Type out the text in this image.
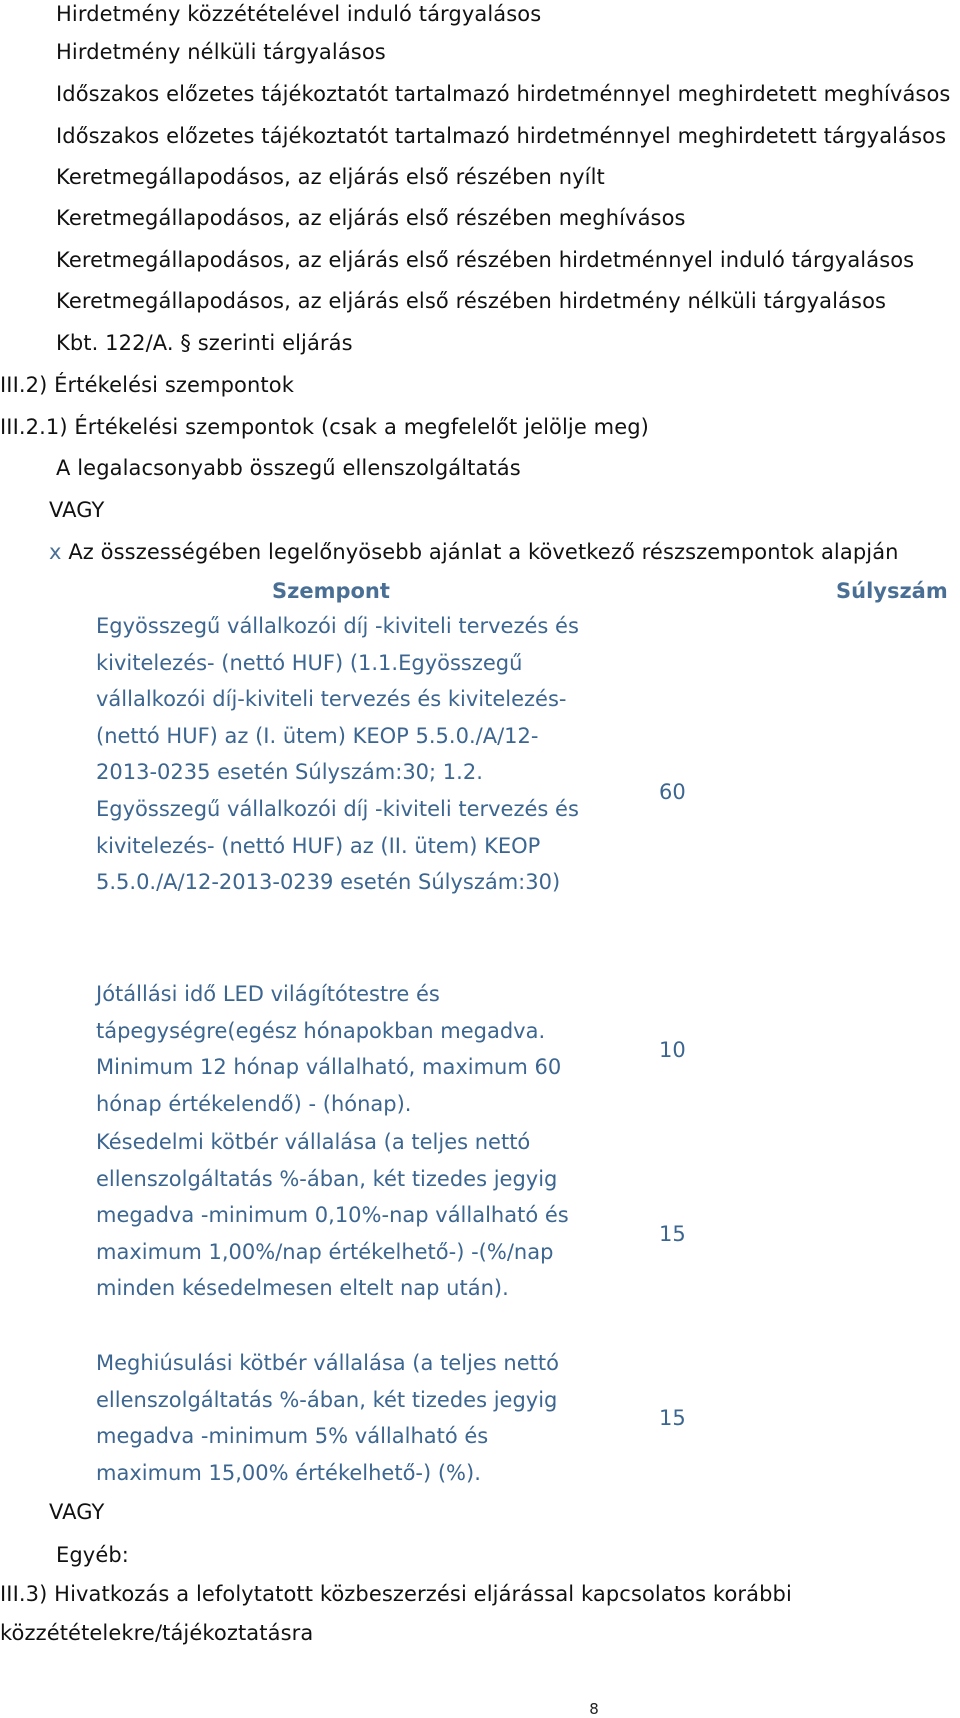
Hirdetmény közzétételével induló tárgyalásos
Hirdetmény nélküli tárgyalásos
Időszakos előzetes tájékoztatót tartalmazó hirdetménnyel meghirdetett meghívásos
Időszakos előzetes tájékoztatót tartalmazó hirdetménnyel meghirdetett tárgyalásos
Keretmegállapodásos, az eljárás első részében nyílt
Keretmegállapodásos, az eljárás első részében meghívásos
Keretmegállapodásos, az eljárás első részében hirdetménnyel induló tárgyalásos
Keretmegállapodásos, az eljárás első részében hirdetmény nélküli tárgyalásos
Kbt. 122/A. § szerinti eljárás
III.2) Értékelési szempontok
III.2.1) Értékelési szempontok (csak a megfelelőt jelölje meg)
A legalacsonyabb összegű ellenszolgáltatás
VAGY
x Az összességében legelőnyösebb ajánlat a következő részszempontok alapján
Szempont	Súlyszám
Egyösszegű vállalkozói díj -kiviteli tervezés és kivitelezés- (nettó HUF) (1.1.Egyösszegű vállalkozói díj-kiviteli tervezés és kivitelezés- (nettó HUF) az (I. ütem) KEOP 5.5.0./A/12-2013-0235 esetén Súlyszám:30; 1.2. Egyösszegű vállalkozói díj -kiviteli tervezés és kivitelezés- (nettó HUF) az (II. ütem) KEOP 5.5.0./A/12-2013-0239 esetén Súlyszám:30)
60
Jótállási idő LED világítótestre és tápegységre(egész hónapokban megadva. Minimum 12 hónap vállalható, maximum 60 hónap értékelendő) - (hónap).
10
Késedelmi kötbér vállalása (a teljes nettó ellenszolgáltatás %-ában, két tizedes jegyig megadva -minimum 0,10%-nap vállalható és maximum 1,00%/nap értékelhető-) -(%/nap minden késedelmesen eltelt nap után).
15
Meghiúsulási kötbér vállalása (a teljes nettó ellenszolgáltatás %-ában, két tizedes jegyig megadva -minimum 5% vállalható és maximum 15,00% értékelhető-) (%).
15
VAGY
Egyéb:
III.3) Hivatkozás a lefolytatott közbeszerzési eljárással kapcsolatos korábbi
közzétételekre/tájékoztatásra
8
